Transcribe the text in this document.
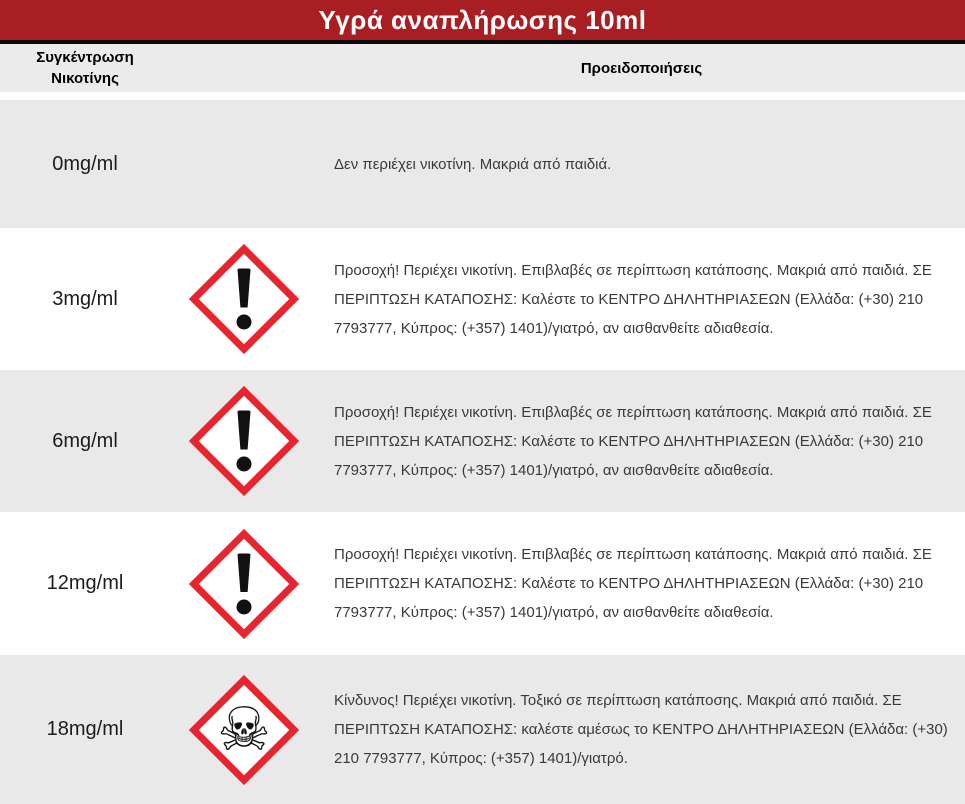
Υγρά αναπλήρωσης 10ml
Συγκέντρωση Νικοτίνης
Προειδοποιήσεις
0mg/ml	Δεν περιέχει νικοτίνη. Μακριά από παιδιά.
3mg/ml
Προσοχή! Περιέχει νικοτίνη. Επιβλαβές σε περίπτωση κατάποσης. Μακριά από παιδιά. ΣΕ ΠΕΡΙΠΤΩΣΗ ΚΑΤΑΠΟΣΗΣ: Καλέστε το ΚΕΝΤΡΟ ΔΗΛΗΤΗΡΙΑΣΕΩΝ (Ελλάδα: (+30) 210 7793777, Κύπρος: (+357) 1401)/γιατρό, αν αισθανθείτε αδιαθεσία.
6mg/ml
Προσοχή! Περιέχει νικοτίνη. Επιβλαβές σε περίπτωση κατάποσης. Μακριά από παιδιά. ΣΕ ΠΕΡΙΠΤΩΣΗ ΚΑΤΑΠΟΣΗΣ: Καλέστε το ΚΕΝΤΡΟ ΔΗΛΗΤΗΡΙΑΣΕΩΝ (Ελλάδα: (+30) 210 7793777, Κύπρος: (+357) 1401)/γιατρό, αν αισθανθείτε αδιαθεσία.
12mg/ml
Προσοχή! Περιέχει νικοτίνη. Επιβλαβές σε περίπτωση κατάποσης. Μακριά από παιδιά. ΣΕ ΠΕΡΙΠΤΩΣΗ ΚΑΤΑΠΟΣΗΣ: Καλέστε το ΚΕΝΤΡΟ ΔΗΛΗΤΗΡΙΑΣΕΩΝ (Ελλάδα: (+30) 210 7793777, Κύπρος: (+357) 1401)/γιατρό, αν αισθανθείτε αδιαθεσία.
18mg/ml ☠	Κίνδυνος! Περιέχει νικοτίνη. Τοξικό σε περίπτωση κατάποσης. Μακριά από παιδιά. ΣΕ ΠΕΡΙΠΤΩΣΗ ΚΑΤΑΠΟΣΗΣ: καλέστε αμέσως το ΚΕΝΤΡΟ ΔΗΛΗΤΗΡΙΑΣΕΩΝ (Ελλάδα: (+30) 210 7793777, Κύπρος: (+357) 1401)/γιατρό.
